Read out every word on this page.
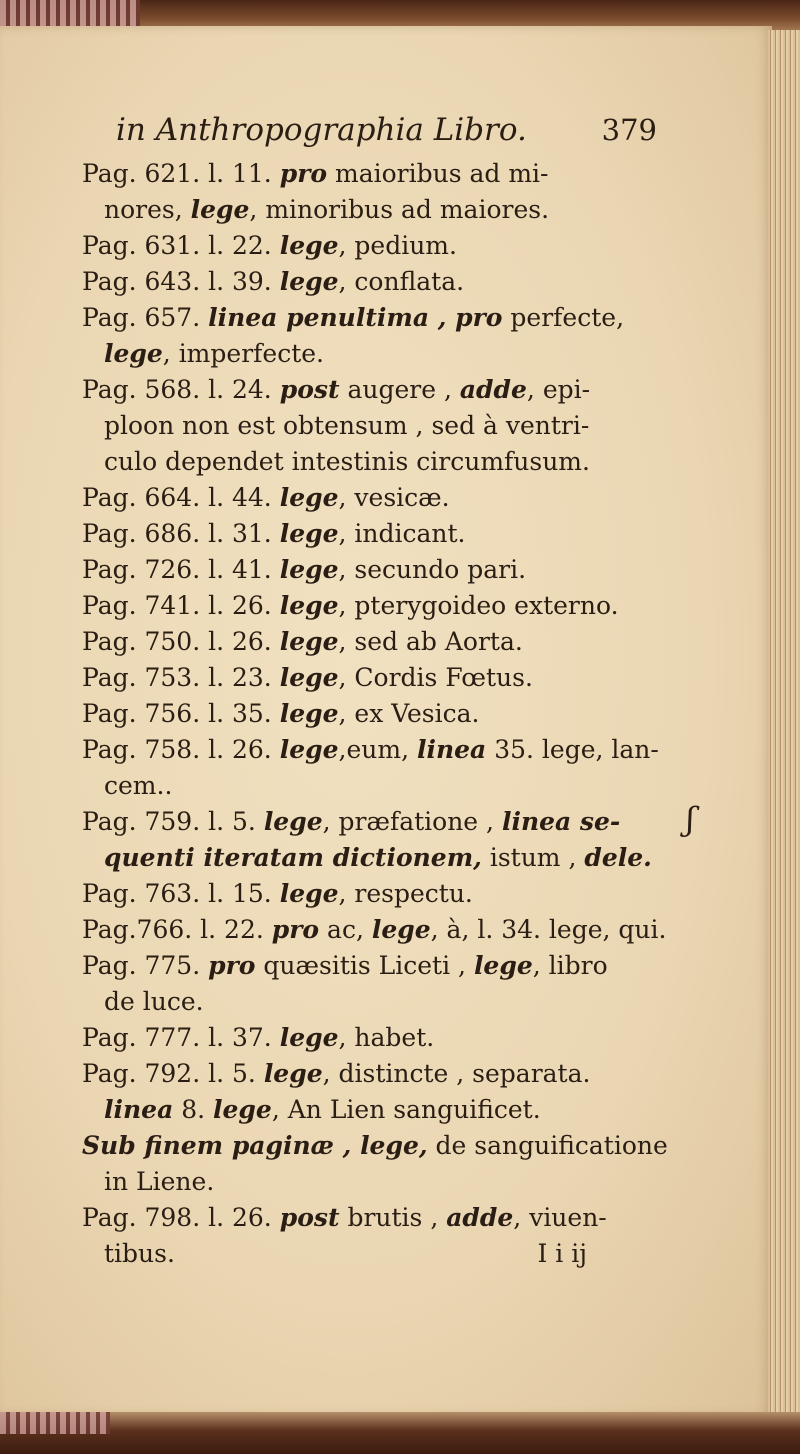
in Anthropographia Libro.	379
Pag. 621. l. 11. pro maioribus ad mi-
nores, lege, minoribus ad maiores.
Pag. 631. l. 22. lege, pedium.
Pag. 643. l. 39. lege, conflata.
Pag. 657. linea penultima , pro perfecte,
lege, imperfecte.
Pag. 568. l. 24. post augere , adde, epi-
ploon non est obtensum , sed à ventri-
culo dependet intestinis circumfusum.
Pag. 664. l. 44. lege, vesicæ.
Pag. 686. l. 31. lege, indicant.
Pag. 726. l. 41. lege, secundo pari.
Pag. 741. l. 26. lege, pterygoideo externo.
Pag. 750. l. 26. lege, sed ab Aorta.
Pag. 753. l. 23. lege, Cordis Fœtus.
Pag. 756. l. 35. lege, ex Vesica.
Pag. 758. l. 26. lege,eum, linea 35. lege, lan-
cem..
Pag. 759. l. 5. lege, præfatione , linea se-
quenti iteratam dictionem, istum , dele.
Pag. 763. l. 15. lege, respectu.
Pag.766. l. 22. pro ac, lege, à, l. 34. lege, qui.
Pag. 775. pro quæsitis Liceti , lege, libro
de luce.
Pag. 777. l. 37. lege, habet.
Pag. 792. l. 5. lege, distincte , separata.
linea 8. lege, An Lien sanguificet.
Sub finem paginæ , lege, de sanguificatione
in Liene.
Pag. 798. l. 26. post brutis , adde, viuen-
tibus.	I i ij
ʃ
